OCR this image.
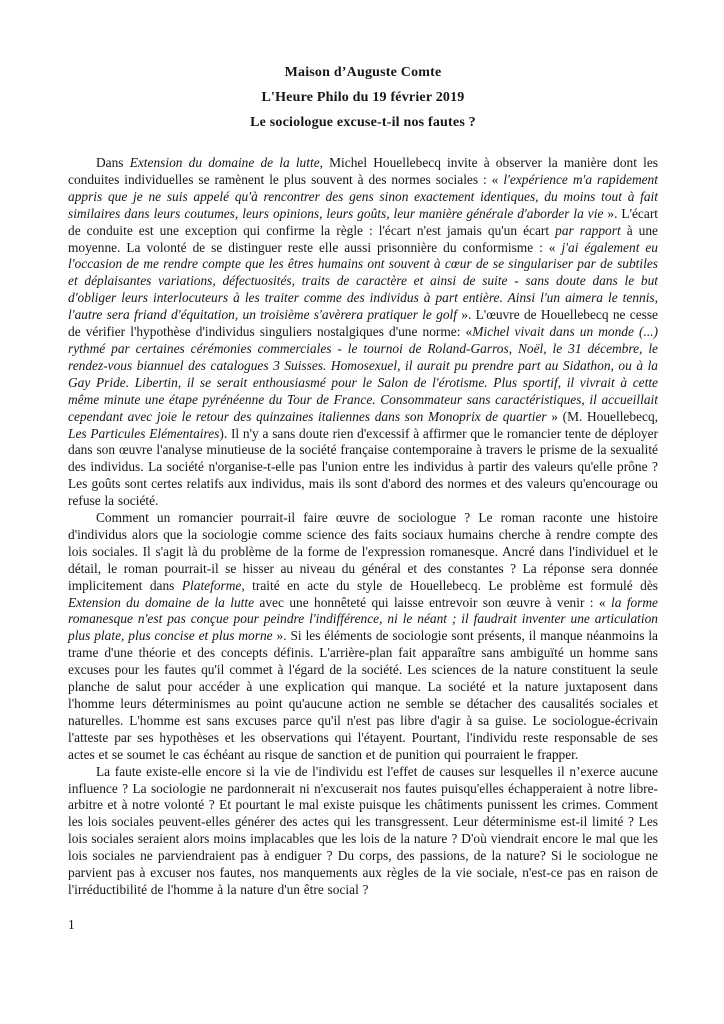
Maison d’Auguste Comte
L'Heure Philo du 19 février 2019
Le sociologue excuse-t-il nos fautes ?

Dans Extension du domaine de la lutte, Michel Houellebecq invite à observer la manière dont les conduites individuelles se ramènent le plus souvent à des normes sociales : « l'expérience m'a rapidement appris que je ne suis appelé qu'à rencontrer des gens sinon exactement identiques, du moins tout à fait similaires dans leurs coutumes, leurs opinions, leurs goûts, leur manière générale d'aborder la vie ». L'écart de conduite est une exception qui confirme la règle : l'écart n'est jamais qu'un écart par rapport à une moyenne. La volonté de se distinguer reste elle aussi prisonnière du conformisme : « j'ai également eu l'occasion de me rendre compte que les êtres humains ont souvent à cœur de se singulariser par de subtiles et déplaisantes variations, défectuosités, traits de caractère et ainsi de suite - sans doute dans le but d'obliger leurs interlocuteurs à les traiter comme des individus à part entière. Ainsi l'un aimera le tennis, l'autre sera friand d'équitation, un troisième s'avèrera pratiquer le golf ». L'œuvre de Houellebecq ne cesse de vérifier l'hypothèse d'individus singuliers nostalgiques d'une norme: «Michel vivait dans un monde (...) rythmé par certaines cérémonies commerciales - le tournoi de Roland-Garros, Noël, le 31 décembre, le rendez-vous biannuel des catalogues 3 Suisses. Homosexuel, il aurait pu prendre part au Sidathon, ou à la Gay Pride. Libertin, il se serait enthousiasmé pour le Salon de l'érotisme. Plus sportif, il vivrait à cette même minute une étape pyrénéenne du Tour de France. Consommateur sans caractéristiques, il accueillait cependant avec joie le retour des quinzaines italiennes dans son Monoprix de quartier » (M. Houellebecq, Les Particules Elémentaires). Il n'y a sans doute rien d'excessif à affirmer que le romancier tente de déployer dans son œuvre l'analyse minutieuse de la société française contemporaine à travers le prisme de la sexualité des individus. La société n'organise-t-elle pas l'union entre les individus à partir des valeurs qu'elle prône ? Les goûts sont certes relatifs aux individus, mais ils sont d'abord des normes et des valeurs qu'encourage ou refuse la société.

Comment un romancier pourrait-il faire œuvre de sociologue ? Le roman raconte une histoire d'individus alors que la sociologie comme science des faits sociaux humains cherche à rendre compte des lois sociales. Il s'agit là du problème de la forme de l'expression romanesque. Ancré dans l'individuel et le détail, le roman pourrait-il se hisser au niveau du général et des constantes ? La réponse sera donnée implicitement dans Plateforme, traité en acte du style de Houellebecq. Le problème est formulé dès Extension du domaine de la lutte avec une honnêteté qui laisse entrevoir son œuvre à venir : « la forme romanesque n'est pas conçue pour peindre l'indifférence, ni le néant ; il faudrait inventer une articulation plus plate, plus concise et plus morne ». Si les éléments de sociologie sont présents, il manque néanmoins la trame d'une théorie et des concepts définis. L'arrière-plan fait apparaître sans ambiguïté un homme sans excuses pour les fautes qu'il commet à l'égard de la société. Les sciences de la nature constituent la seule planche de salut pour accéder à une explication qui manque. La société et la nature juxtaposent dans l'homme leurs déterminismes au point qu'aucune action ne semble se détacher des causalités sociales et naturelles. L'homme est sans excuses parce qu'il n'est pas libre d'agir à sa guise. Le sociologue-écrivain l'atteste par ses hypothèses et les observations qui l'étayent. Pourtant, l'individu reste responsable de ses actes et se soumet le cas échéant au risque de sanction et de punition qui pourraient le frapper.

La faute existe-elle encore si la vie de l'individu est l'effet de causes sur lesquelles il n’exerce aucune influence ? La sociologie ne pardonnerait ni n'excuserait nos fautes puisqu'elles échapperaient à notre libre-arbitre et à notre volonté ? Et pourtant le mal existe puisque les châtiments punissent les crimes. Comment les lois sociales peuvent-elles générer des actes qui les transgressent. Leur déterminisme est-il limité ? Les lois sociales seraient alors moins implacables que les lois de la nature ? D'où viendrait encore le mal que les lois sociales ne parviendraient pas à endiguer ? Du corps, des passions, de la nature? Si le sociologue ne parvient pas à excuser nos fautes, nos manquements aux règles de la vie sociale, n'est-ce pas en raison de l'irréductibilité de l'homme à la nature d'un être social ?

1
